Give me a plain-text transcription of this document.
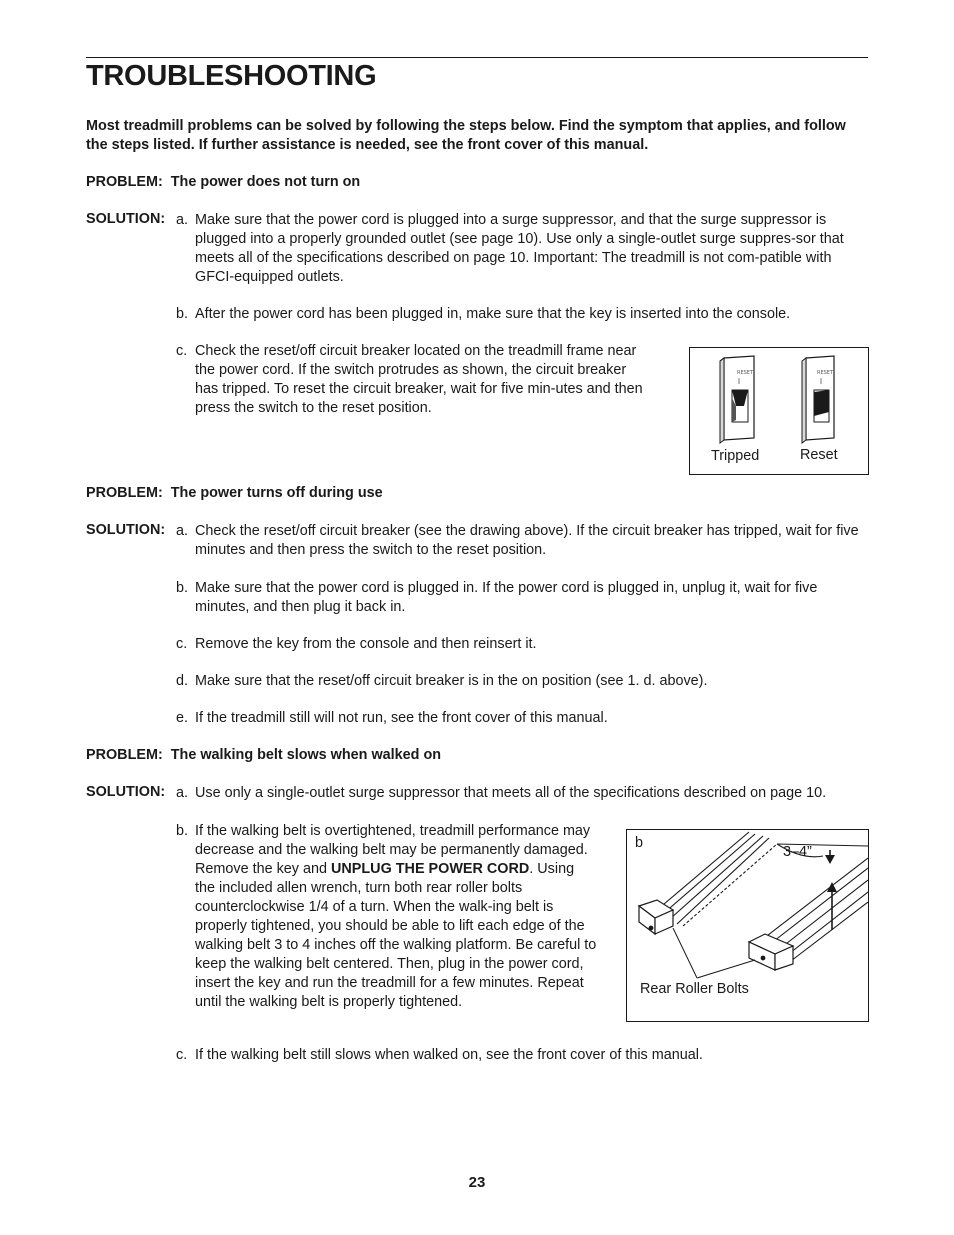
TROUBLESHOOTING

Most treadmill problems can be solved by following the steps below. Find the symptom that applies, and follow the steps listed. If further assistance is needed, see the front cover of this manual.

PROBLEM: The power does not turn on
SOLUTION: a. Make sure that the power cord is plugged into a surge suppressor, and that the surge suppressor is plugged into a properly grounded outlet (see page 10). Use only a single-outlet surge suppres-sor that meets all of the specifications described on page 10. Important: The treadmill is not com-patible with GFCI-equipped outlets.
b. After the power cord has been plugged in, make sure that the key is inserted into the console.
c. Check the reset/off circuit breaker located on the treadmill frame near the power cord. If the switch protrudes as shown, the circuit breaker has tripped. To reset the circuit breaker, wait for five min-utes and then press the switch to the reset position.
RESET	RESET
Tripped	Reset
PROBLEM: The power turns off during use
SOLUTION: a. Check the reset/off circuit breaker (see the drawing above). If the circuit breaker has tripped, wait for five minutes and then press the switch to the reset position.
b. Make sure that the power cord is plugged in. If the power cord is plugged in, unplug it, wait for five minutes, and then plug it back in.
c. Remove the key from the console and then reinsert it.
d. Make sure that the reset/off circuit breaker is in the on position (see 1. d. above).
e. If the treadmill still will not run, see the front cover of this manual.
PROBLEM: The walking belt slows when walked on
SOLUTION: a. Use only a single-outlet surge suppressor that meets all of the specifications described on page 10.
b. If the walking belt is overtightened, treadmill performance may decrease and the walking belt may be permanently damaged. Remove the key and UNPLUG THE POWER CORD. Using the included allen wrench, turn both rear roller bolts counterclockwise 1/4 of a turn. When the walk-ing belt is properly tightened, you should be able to lift each edge of the walking belt 3 to 4 inches off the walking platform. Be careful to keep the walking belt centered. Then, plug in the power cord, insert the key and run the treadmill for a few minutes. Repeat until the walking belt is properly tightened.
c. If the walking belt still slows when walked on, see the front cover of this manual.
b
3–4”
Rear Roller Bolts
23
